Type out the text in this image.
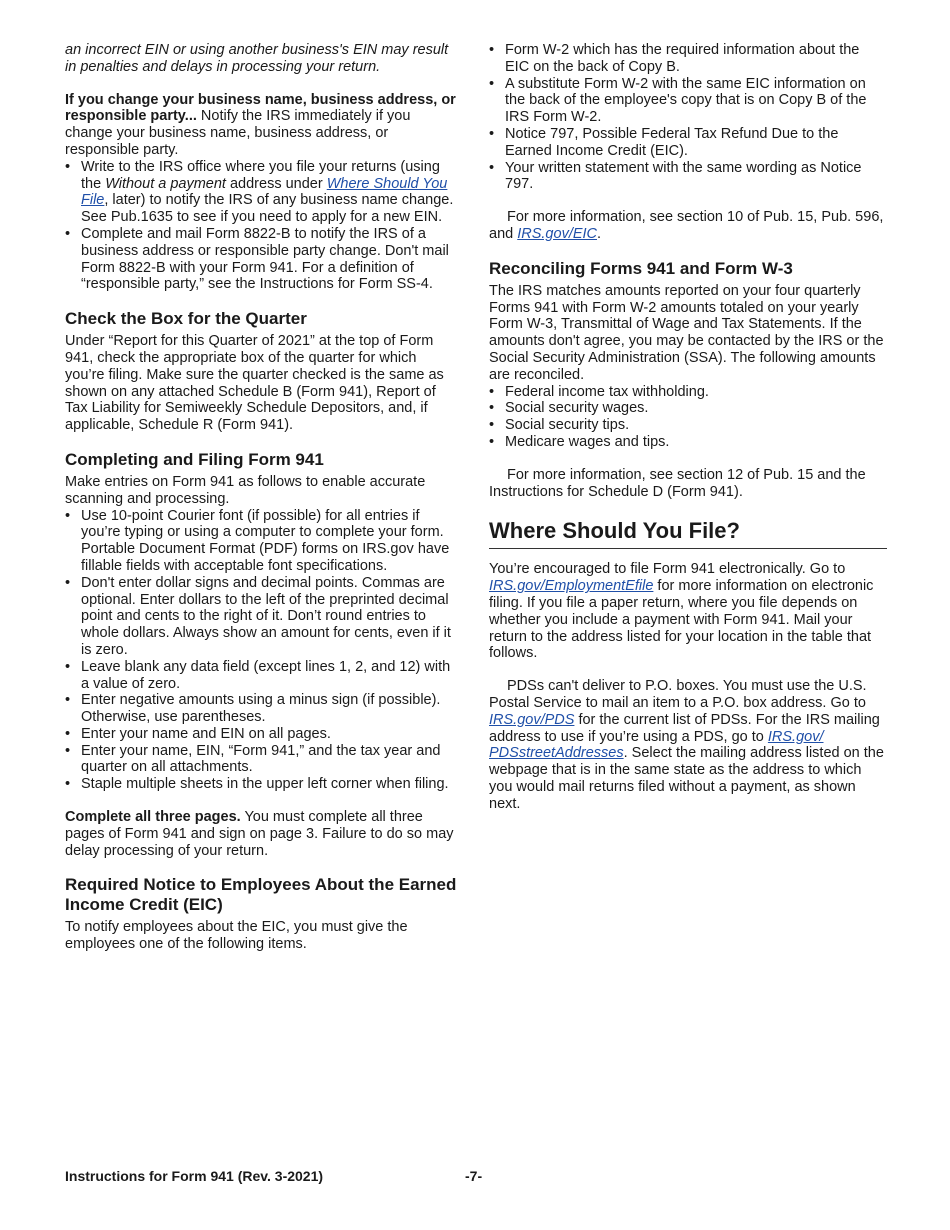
an incorrect EIN or using another business's EIN may result in penalties and delays in processing your return.

If you change your business name, business address, or responsible party... Notify the IRS immediately if you change your business name, business address, or responsible party.

• Write to the IRS office where you file your returns (using the Without a payment address under Where Should You File, later) to notify the IRS of any business name change. See Pub.1635 to see if you need to apply for a new EIN.

• Complete and mail Form 8822-B to notify the IRS of a business address or responsible party change. Don't mail Form 8822-B with your Form 941. For a definition of “responsible party,” see the Instructions for Form SS-4.

Check the Box for the Quarter

Under “Report for this Quarter of 2021” at the top of Form 941, check the appropriate box of the quarter for which you’re filing. Make sure the quarter checked is the same as shown on any attached Schedule B (Form 941), Report of Tax Liability for Semiweekly Schedule Depositors, and, if applicable, Schedule R (Form 941).

Completing and Filing Form 941

Make entries on Form 941 as follows to enable accurate scanning and processing.

• Use 10-point Courier font (if possible) for all entries if you’re typing or using a computer to complete your form. Portable Document Format (PDF) forms on IRS.gov have fillable fields with acceptable font specifications.

• Don't enter dollar signs and decimal points. Commas are optional. Enter dollars to the left of the preprinted decimal point and cents to the right of it. Don’t round entries to whole dollars. Always show an amount for cents, even if it is zero.

• Leave blank any data field (except lines 1, 2, and 12) with a value of zero.

• Enter negative amounts using a minus sign (if possible). Otherwise, use parentheses.

• Enter your name and EIN on all pages.

• Enter your name, EIN, “Form 941,” and the tax year and quarter on all attachments.

• Staple multiple sheets in the upper left corner when filing.

Complete all three pages. You must complete all three pages of Form 941 and sign on page 3. Failure to do so may delay processing of your return.

Required Notice to Employees About the Earned Income Credit (EIC)

To notify employees about the EIC, you must give the employees one of the following items.

• Form W-2 which has the required information about the EIC on the back of Copy B.

• A substitute Form W-2 with the same EIC information on the back of the employee's copy that is on Copy B of the IRS Form W-2.

• Notice 797, Possible Federal Tax Refund Due to the Earned Income Credit (EIC).

• Your written statement with the same wording as Notice 797.

For more information, see section 10 of Pub. 15, Pub. 596, and IRS.gov/EIC.

Reconciling Forms 941 and Form W-3

The IRS matches amounts reported on your four quarterly Forms 941 with Form W-2 amounts totaled on your yearly Form W-3, Transmittal of Wage and Tax Statements. If the amounts don't agree, you may be contacted by the IRS or the Social Security Administration (SSA). The following amounts are reconciled.

• Federal income tax withholding.

• Social security wages.

• Social security tips.

• Medicare wages and tips.

For more information, see section 12 of Pub. 15 and the Instructions for Schedule D (Form 941).

Where Should You File?

You’re encouraged to file Form 941 electronically. Go to IRS.gov/EmploymentEfile for more information on electronic filing. If you file a paper return, where you file depends on whether you include a payment with Form 941. Mail your return to the address listed for your location in the table that follows.

PDSs can't deliver to P.O. boxes. You must use the U.S. Postal Service to mail an item to a P.O. box address. Go to IRS.gov/PDS for the current list of PDSs. For the IRS mailing address to use if you’re using a PDS, go to IRS.gov/ PDSstreetAddresses. Select the mailing address listed on the webpage that is in the same state as the address to which you would mail returns filed without a payment, as shown next.

Instructions for Form 941 (Rev. 3-2021)	-7-
